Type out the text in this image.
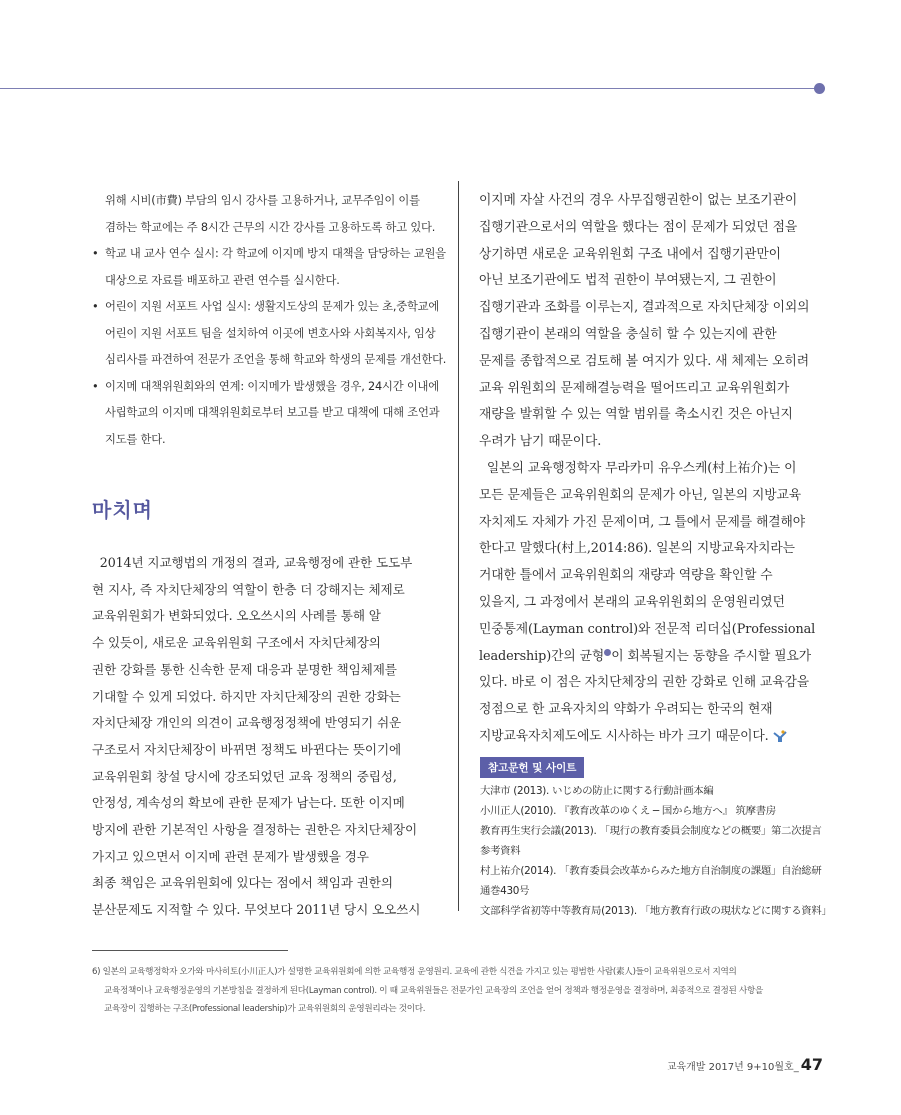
위해 시비(市費) 부담의 임시 강사를 고용하거나, 교무주임이 이를

겸하는 학교에는 주 8시간 근무의 시간 강사를 고용하도록 하고 있다.

• 학교 내 교사 연수 실시: 각 학교에 이지메 방지 대책을 담당하는 교원을

대상으로 자료를 배포하고 관련 연수를 실시한다.

• 어린이 지원 서포트 사업 실시: 생활지도상의 문제가 있는 초,중학교에

어린이 지원 서포트 팀을 설치하여 이곳에 변호사와 사회복지사, 임상

심리사를 파견하여 전문가 조언을 통해 학교와 학생의 문제를 개선한다.

• 이지메 대책위원회와의 연계: 이지메가 발생했을 경우, 24시간 이내에

사립학교의 이지메 대책위원회로부터 보고를 받고 대책에 대해 조언과

지도를 한다.

마치며

2014년 지교행법의 개정의 결과, 교육행정에 관한 도도부

현 지사, 즉 자치단체장의 역할이 한층 더 강해지는 체제로

교육위원회가 변화되었다. 오오쓰시의 사례를 통해 알

수 있듯이, 새로운 교육위원회 구조에서 자치단체장의

권한 강화를 통한 신속한 문제 대응과 분명한 책임체제를

기대할 수 있게 되었다. 하지만 자치단체장의 권한 강화는

자치단체장 개인의 의견이 교육행정정책에 반영되기 쉬운

구조로서 자치단체장이 바뀌면 정책도 바뀐다는 뜻이기에

교육위원회 창설 당시에 강조되었던 교육 정책의 중립성,

안정성, 계속성의 확보에 관한 문제가 남는다. 또한 이지메

방지에 관한 기본적인 사항을 결정하는 권한은 자치단체장이

가지고 있으면서 이지메 관련 문제가 발생했을 경우

최종 책임은 교육위원회에 있다는 점에서 책임과 권한의

분산문제도 지적할 수 있다. 무엇보다 2011년 당시 오오쓰시

이지메 자살 사건의 경우 사무집행권한이 없는 보조기관이

집행기관으로서의 역할을 했다는 점이 문제가 되었던 점을

상기하면 새로운 교육위원회 구조 내에서 집행기관만이

아닌 보조기관에도 법적 권한이 부여됐는지, 그 권한이

집행기관과 조화를 이루는지, 결과적으로 자치단체장 이외의

집행기관이 본래의 역할을 충실히 할 수 있는지에 관한

문제를 종합적으로 검토해 볼 여지가 있다. 새 체제는 오히려

교육 위원회의 문제해결능력을 떨어뜨리고 교육위원회가

재량을 발휘할 수 있는 역할 범위를 축소시킨 것은 아닌지

우려가 남기 때문이다.

일본의 교육행정학자 무라카미 유우스케(村上祐介)는 이

모든 문제들은 교육위원회의 문제가 아닌, 일본의 지방교육

자치제도 자체가 가진 문제이며, 그 틀에서 문제를 해결해야

한다고 말했다(村上,2014:86). 일본의 지방교육자치라는

거대한 틀에서 교육위원회의 재량과 역량을 확인할 수

있을지, 그 과정에서 본래의 교육위원회의 운영원리였던

민중통제(Layman control)와 전문적 리더십(Professional

leadership)간의 균형 이 회복될지는 동향을 주시할 필요가

있다. 바로 이 점은 자치단체장의 권한 강화로 인해 교육감을

정점으로 한 교육자치의 약화가 우려되는 한국의 현재

지방교육자치제도에도 시사하는 바가 크기 때문이다.

참고문헌 및 사이트

大津市 (2013). いじめの防止に関する行動計画本編

小川正人(2010). 『教育改革のゆくえ ─ 国から地方へ』 筑摩書房

教育再生実行会議(2013). 「現行の教育委員会制度などの概要」第二次提言

参考資料

村上祐介(2014). 「教育委員会改革からみた地方自治制度の課題」自治総研

通巻430号

文部科学省初等中等教育局(2013). 「地方教育行政の現状などに関する資料」

6) 일본의 교육행정학자 오가와 마사히토(小川正人)가 설명한 교육위원회에 의한 교육행정 운영원리. 교육에 관한 식견을 가지고 있는 평범한 사람(素人)들이 교육위원으로서 지역의

교육정책이나 교육행정운영의 기본방침을 결정하게 된다(Layman control). 이 때 교육위원들은 전문가인 교육장의 조언을 얻어 정책과 행정운영을 결정하며, 최종적으로 결정된 사항을

교육장이 집행하는 구조(Professional leadership)가 교육위원회의 운영원리라는 것이다.

교육개발 2017년 9+10월호_ 47
